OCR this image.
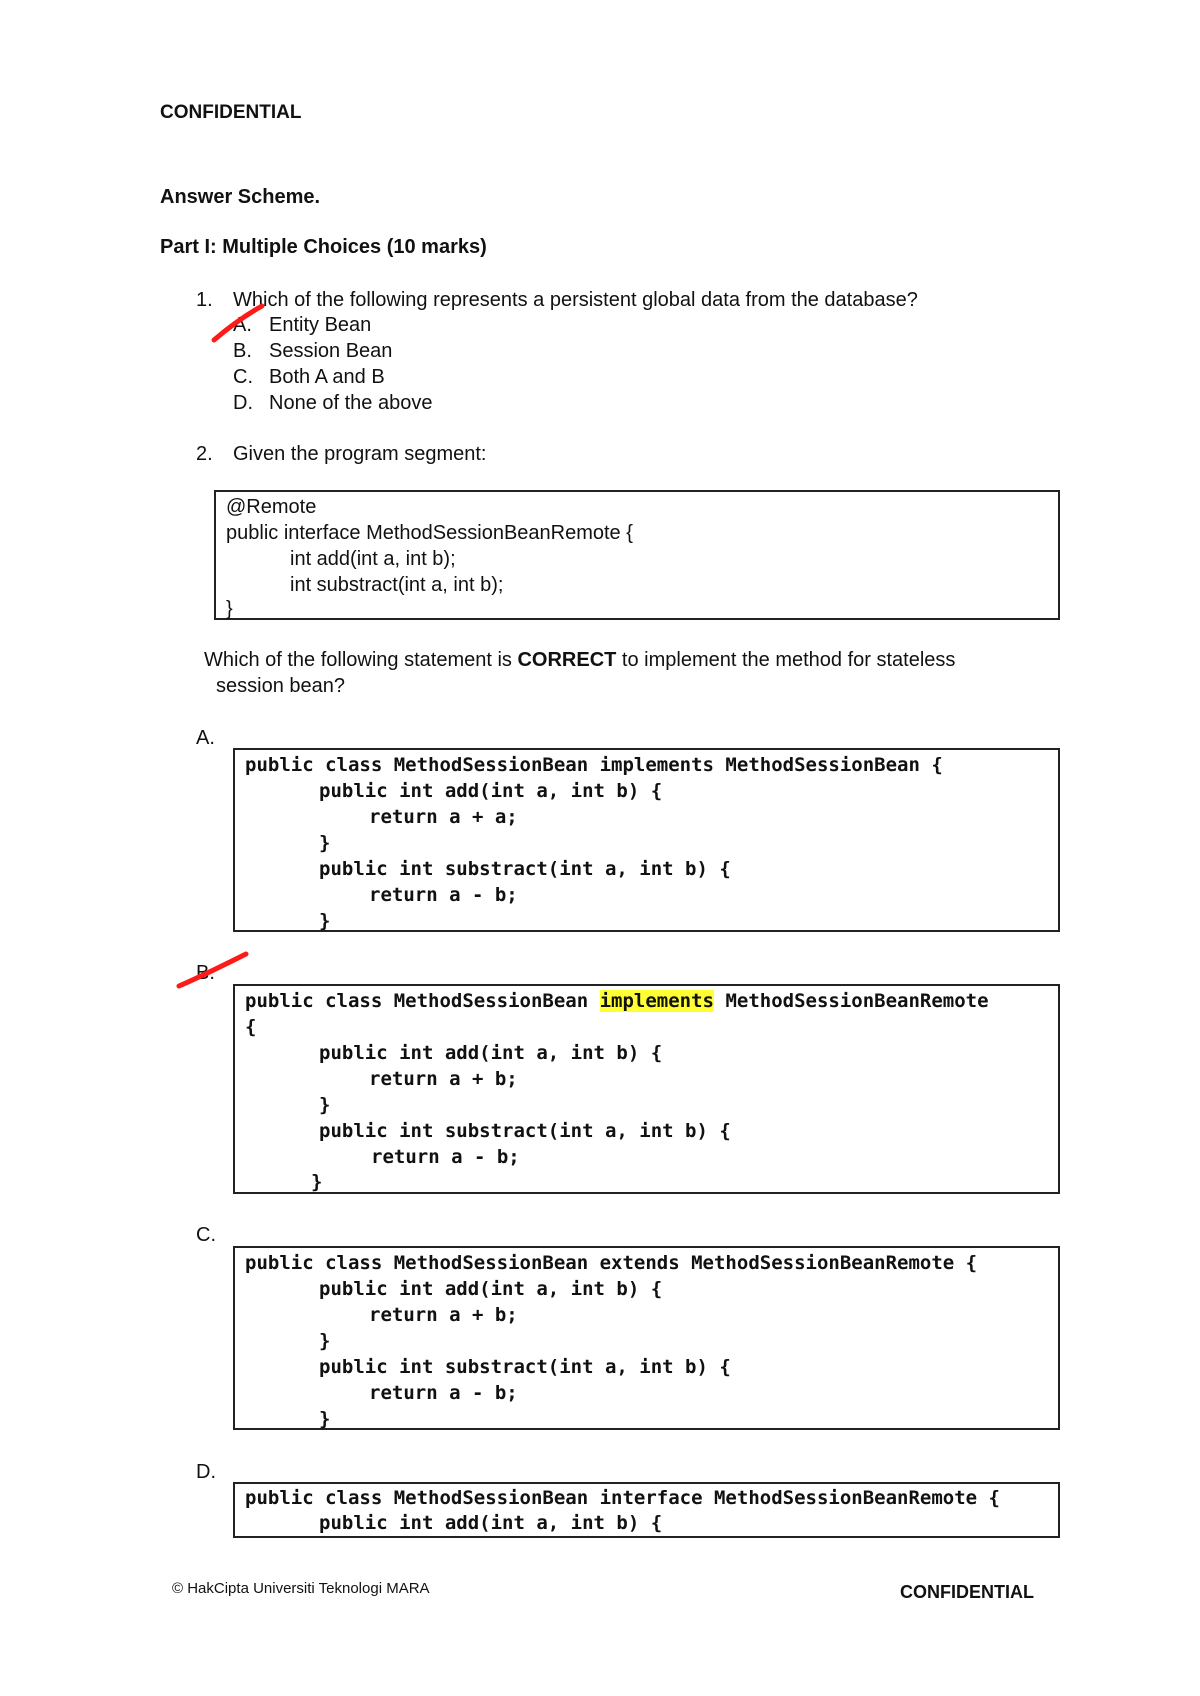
CONFIDENTIAL
Answer Scheme.
Part I: Multiple Choices (10 marks)
1. Which of the following represents a persistent global data from the database?
A. Entity Bean
B. Session Bean
C. Both A and B
D. None of the above
2. Given the program segment:
@Remote
public interface MethodSessionBeanRemote {
int add(int a, int b);
int substract(int a, int b);
}
Which of the following statement is CORRECT to implement the method for stateless
session bean?
A.
public class MethodSessionBean implements MethodSessionBean {
public int add(int a, int b) {
return a + a;
}
public int substract(int a, int b) {
return a - b;
}
B.
public class MethodSessionBean implements MethodSessionBeanRemote
{
public int add(int a, int b) {
return a + b;
}
public int substract(int a, int b) {
return a - b;
}
C.
public class MethodSessionBean extends MethodSessionBeanRemote {
public int add(int a, int b) {
return a + b;
}
public int substract(int a, int b) {
return a - b;
}
D.
public class MethodSessionBean interface MethodSessionBeanRemote {
public int add(int a, int b) {
© HakCipta Universiti Teknologi MARA	CONFIDENTIAL
